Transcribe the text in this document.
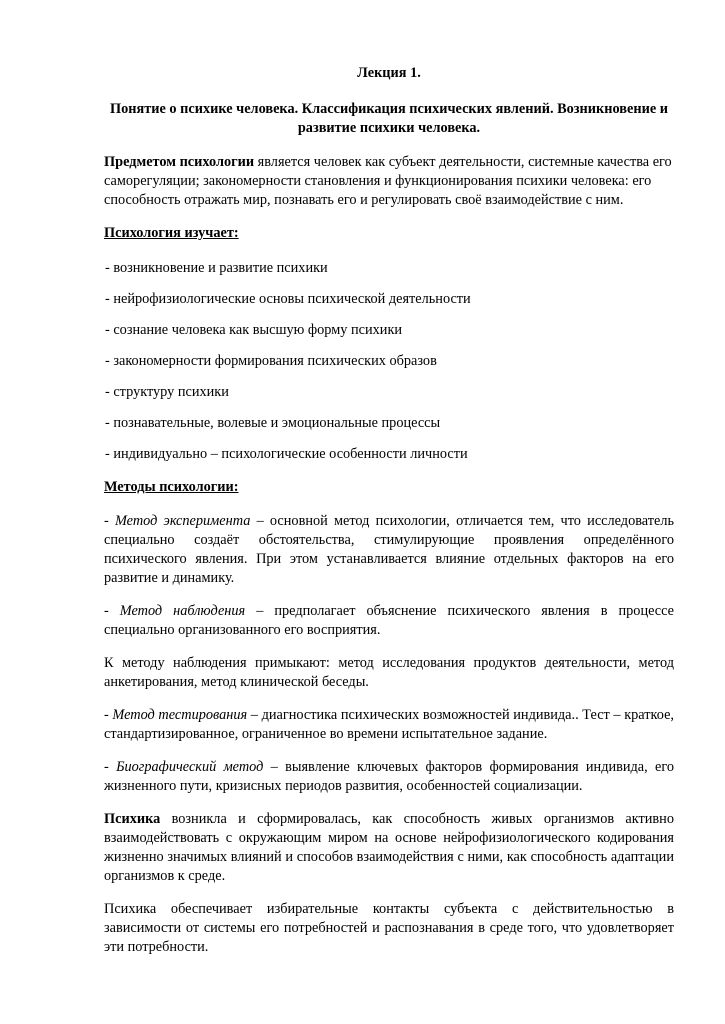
Лекция 1.
Понятие о психике человека. Классификация психических явлений. Возникновение и развитие психики человека.

Предметом психологии является человек как субъект деятельности, системные качества его саморегуляции; закономерности становления и функционирования психики человека: его способность отражать мир, познавать его и регулировать своё взаимодействие с ним.

Психология изучает:
- возникновение и развитие психики
- нейрофизиологические основы психической деятельности
- сознание человека как высшую форму психики
- закономерности формирования психических образов
- структуру психики
- познавательные, волевые и эмоциональные процессы
- индивидуально – психологические особенности личности
Методы психологии:

- Метод эксперимента – основной метод психологии, отличается тем, что исследователь специально создаёт обстоятельства, стимулирующие проявления определённого психического явления. При этом устанавливается влияние отдельных факторов на его развитие и динамику.

- Метод наблюдения – предполагает объяснение психического явления в процессе специально организованного его восприятия.

К методу наблюдения примыкают: метод исследования продуктов деятельности, метод анкетирования, метод клинической беседы.

- Метод тестирования – диагностика психических возможностей индивида.. Тест – краткое, стандартизированное, ограниченное во времени испытательное задание.

- Биографический метод – выявление ключевых факторов формирования индивида, его жизненного пути, кризисных периодов развития, особенностей социализации.

Психика возникла и сформировалась, как способность живых организмов активно взаимодействовать с окружающим миром на основе нейрофизиологического кодирования жизненно значимых влияний и способов взаимодействия с ними, как способность адаптации организмов к среде.

Психика обеспечивает избирательные контакты субъекта с действительностью в зависимости от системы его потребностей и распознавания в среде того, что удовлетворяет эти потребности.
